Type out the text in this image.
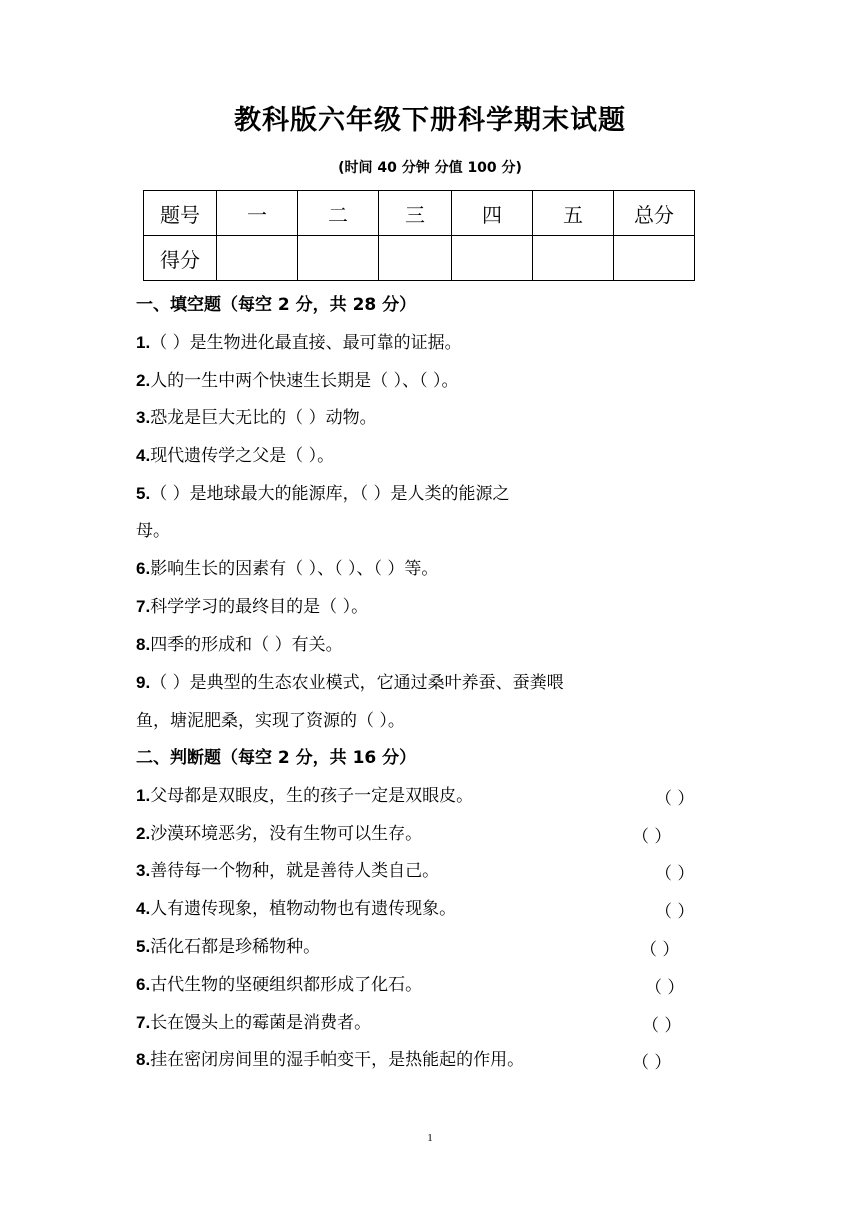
教科版六年级下册科学期末试题
(时间 40 分钟 分值 100 分)
题号	一	二	三	四	五	总分
得分						
一、填空题（每空 2 分，共 28 分）
1.（ ）是生物进化最直接、最可靠的证据。
2.人的一生中两个快速生长期是（ ）、（ ）。
3.恐龙是巨大无比的（ ）动物。
4.现代遗传学之父是（ ）。
5.（ ）是地球最大的能源库，（ ）是人类的能源之
母。
6.影响生长的因素有（ ）、（ ）、（ ）等。
7.科学学习的最终目的是（ ）。
8.四季的形成和（ ）有关。
9.（ ）是典型的生态农业模式，它通过桑叶养蚕、蚕粪喂
鱼，塘泥肥桑，实现了资源的（ ）。
二、判断题（每空 2 分，共 16 分）
1.父母都是双眼皮，生的孩子一定是双眼皮。	（ ）
2.沙漠环境恶劣，没有生物可以生存。	（ ）
3.善待每一个物种，就是善待人类自己。	（ ）
4.人有遗传现象，植物动物也有遗传现象。	（ ）
5.活化石都是珍稀物种。	（ ）
6.古代生物的坚硬组织都形成了化石。	（ ）
7.长在馒头上的霉菌是消费者。	（ ）
8.挂在密闭房间里的湿手帕变干，是热能起的作用。	（ ）
1
